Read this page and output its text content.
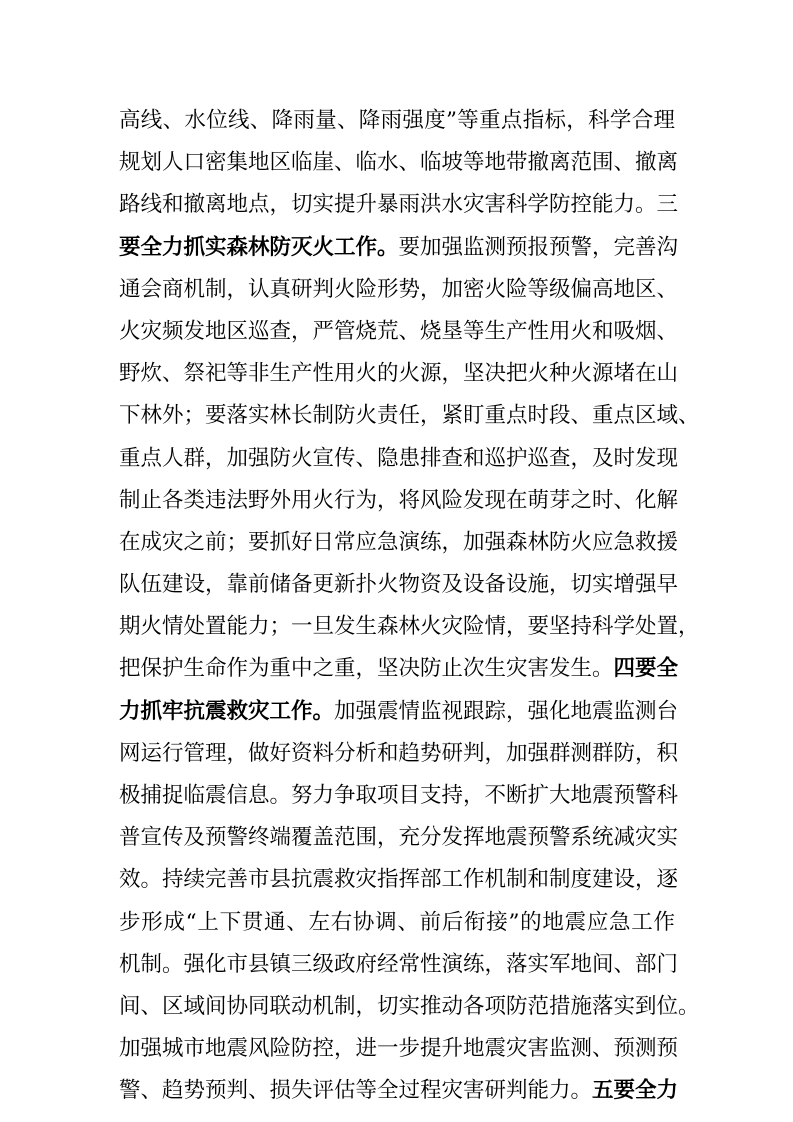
高线、水位线、降雨量、降雨强度”等重点指标，科学合理
规划人口密集地区临崖、临水、临坡等地带撤离范围、撤离
路线和撤离地点，切实提升暴雨洪水灾害科学防控能力。三
要全力抓实森林防灭火工作。要加强监测预报预警，完善沟
通会商机制，认真研判火险形势，加密火险等级偏高地区、
火灾频发地区巡查，严管烧荒、烧垦等生产性用火和吸烟、
野炊、祭祀等非生产性用火的火源，坚决把火种火源堵在山
下林外；要落实林长制防火责任，紧盯重点时段、重点区域、
重点人群，加强防火宣传、隐患排查和巡护巡查，及时发现
制止各类违法野外用火行为，将风险发现在萌芽之时、化解
在成灾之前；要抓好日常应急演练，加强森林防火应急救援
队伍建设，靠前储备更新扑火物资及设备设施，切实增强早
期火情处置能力；一旦发生森林火灾险情，要坚持科学处置，
把保护生命作为重中之重，坚决防止次生灾害发生。四要全
力抓牢抗震救灾工作。加强震情监视跟踪，强化地震监测台
网运行管理，做好资料分析和趋势研判，加强群测群防，积
极捕捉临震信息。努力争取项目支持，不断扩大地震预警科
普宣传及预警终端覆盖范围，充分发挥地震预警系统减灾实
效。持续完善市县抗震救灾指挥部工作机制和制度建设，逐
步形成“上下贯通、左右协调、前后衔接”的地震应急工作
机制。强化市县镇三级政府经常性演练，落实军地间、部门
间、区域间协同联动机制，切实推动各项防范措施落实到位。
加强城市地震风险防控，进一步提升地震灾害监测、预测预
警、趋势预判、损失评估等全过程灾害研判能力。五要全力
